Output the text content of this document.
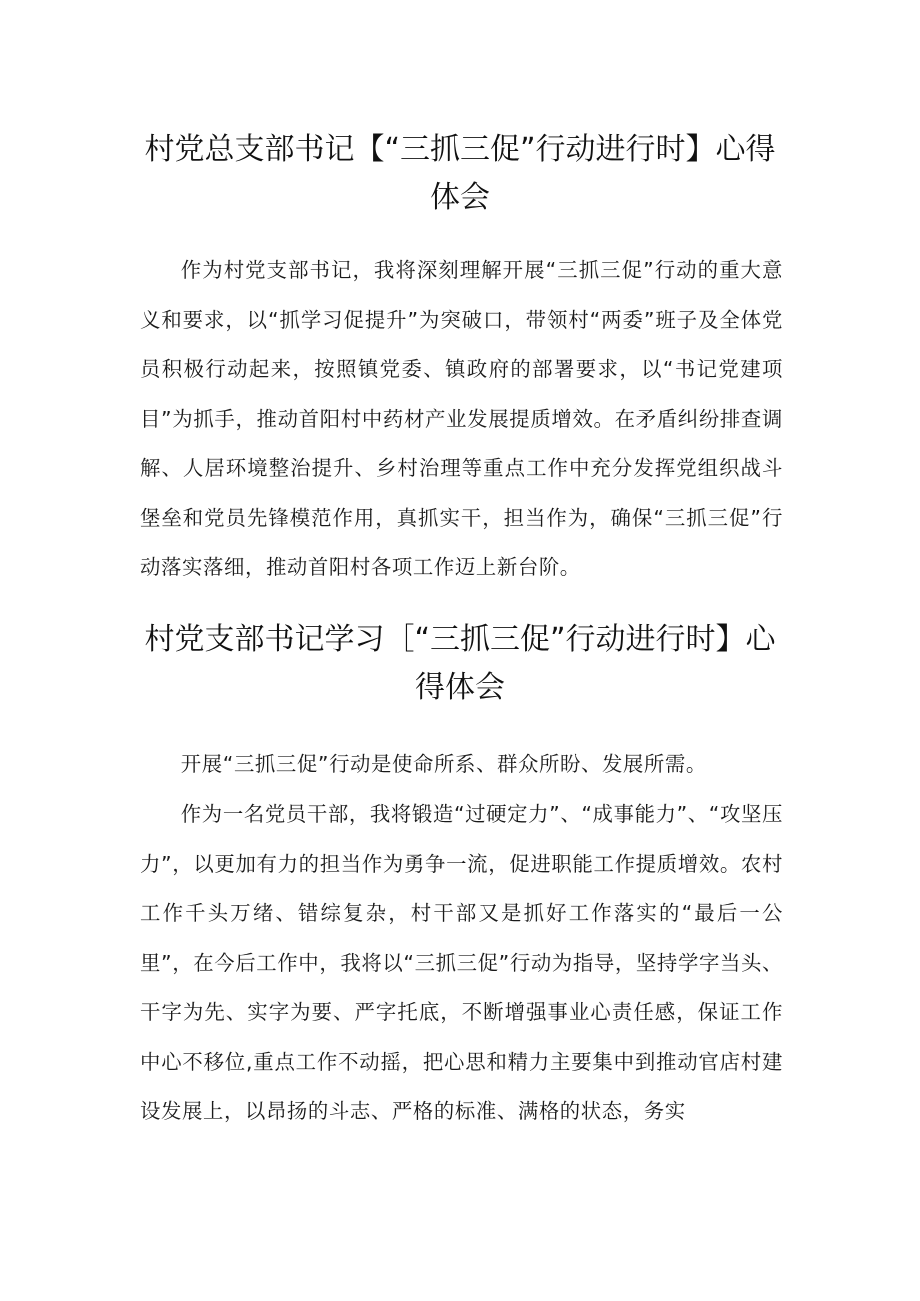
村党总支部书记【“三抓三促”行动进行时】心得体会

作为村党支部书记，我将深刻理解开展“三抓三促”行动的重大意义和要求，以“抓学习促提升”为突破口，带领村“两委”班子及全体党员积极行动起来，按照镇党委、镇政府的部署要求，以“书记党建项目”为抓手，推动首阳村中药材产业发展提质增效。在矛盾纠纷排查调解、人居环境整治提升、乡村治理等重点工作中充分发挥党组织战斗堡垒和党员先锋模范作用，真抓实干，担当作为，确保“三抓三促”行动落实落细，推动首阳村各项工作迈上新台阶。

村党支部书记学习［“三抓三促”行动进行时】心得体会

开展“三抓三促”行动是使命所系、群众所盼、发展所需。

作为一名党员干部，我将锻造“过硬定力”、“成事能力”、“攻坚压力”，以更加有力的担当作为勇争一流，促进职能工作提质增效。农村工作千头万绪、错综复杂，村干部又是抓好工作落实的“最后一公里”，在今后工作中，我将以“三抓三促”行动为指导，坚持学字当头、干字为先、实字为要、严字托底，不断增强事业心责任感，保证工作中心不移位,重点工作不动摇，把心思和精力主要集中到推动官店村建设发展上，以昂扬的斗志、严格的标准、满格的状态，务实
